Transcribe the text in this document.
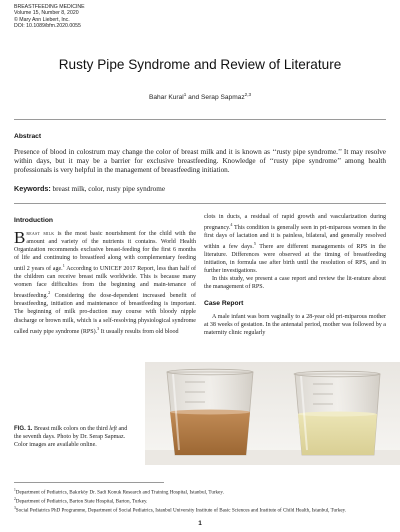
BREASTFEEDING MEDICINE
Volume 15, Number 8, 2020
© Mary Ann Liebert, Inc.
DOI: 10.1089/bfm.2020.0055
Rusty Pipe Syndrome and Review of Literature
Bahar Kural$^1$ and Serap Sapmaz$^{2,3}$
Abstract
Presence of blood in colostrum may change the color of breast milk and it is known as ‘‘rusty pipe syndrome.’’ It may resolve within days, but it may be a barrier for exclusive breastfeeding. Knowledge of ‘‘rusty pipe syndrome’’ among health professionals is very helpful in the management of breastfeeding initiation.
Keywords: breast milk, color, rusty pipe syndrome
Introduction
Breast milk is the most basic nourishment for the child with the amount and variety of the nutrients it contains. World Health Organization recommends exclusive breast-feeding for the first 6 months of life and continuing to breastfeed along with complementary feeding until 2 years of age.$^1$ According to UNICEF 2017 Report, less than half of the children can receive breast milk worldwide. This is because many women face difficulties from the beginning and main-tenance of breastfeeding.$^2$ Considering the dose-dependent increased benefit of breastfeeding, initiation and maintenance of breastfeeding is important. The beginning of milk pro-duction may course with bloody nipple discharge or brown milk, which is a self-resolving physiological syndrome called rusty pipe syndrome (RPS).$^3$ It usually results from old blood
clots in ducts, a residual of rapid growth and vascularization during pregnancy.$^4$ This condition is generally seen in pri-miparous women in the first days of lactation and it is painless, bilateral, and generally resolved within a few days.$^5$ There are different managements of RPS in the literature. Differences were observed at the timing of breastfeeding initiation, in formula use after birth until the resolution of RPS, and in further investigations.
In this study, we present a case report and review the lit-erature about the management of RPS.
Case Report
A male infant was born vaginally to a 28-year old pri-miparous mother at 38 weeks of gestation. In the antenatal period, mother was followed by a maternity clinic regularly
FIG. 1. Breast milk colors on the third left and the seventh days. Photo by Dr. Serap Sapmaz. Color images are available online.
$^1$Department of Pediatrics, Bakırköy Dr. Sadi Konuk Research and Training Hospital, Istanbul, Turkey.
$^2$Department of Pediatrics, Barton State Hospital, Barton, Turkey.
$^3$Social Pediatrics PhD Programme, Department of Social Pediatrics, Istanbul University Institute of Basic Sciences and Institute of Child Health, Istanbul, Turkey.
1
